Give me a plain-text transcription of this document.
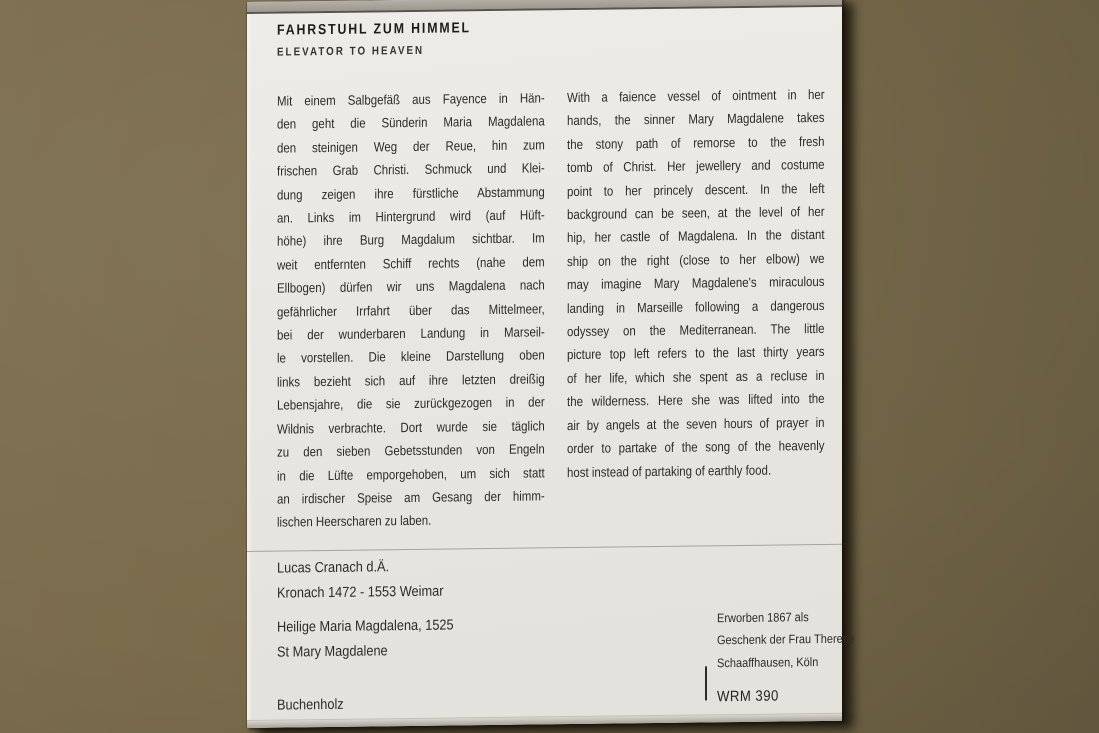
FAHRSTUHL ZUM HIMMEL
ELEVATOR TO HEAVEN
Mit einem Salbgefäß aus Fayence in Hän-
den geht die Sünderin Maria Magdalena
den steinigen Weg der Reue, hin zum
frischen Grab Christi. Schmuck und Klei-
dung zeigen ihre fürstliche Abstammung
an. Links im Hintergrund wird (auf Hüft-
höhe) ihre Burg Magdalum sichtbar. Im
weit entfernten Schiff rechts (nahe dem
Ellbogen) dürfen wir uns Magdalena nach
gefährlicher Irrfahrt über das Mittelmeer,
bei der wunderbaren Landung in Marseil-
le vorstellen. Die kleine Darstellung oben
links bezieht sich auf ihre letzten dreißig
Lebensjahre, die sie zurückgezogen in der
Wildnis verbrachte. Dort wurde sie täglich
zu den sieben Gebetsstunden von Engeln
in die Lüfte emporgehoben, um sich statt
an irdischer Speise am Gesang der himm-
lischen Heerscharen zu laben.
With a faience vessel of ointment in her
hands, the sinner Mary Magdalene takes
the stony path of remorse to the fresh
tomb of Christ. Her jewellery and costume
point to her princely descent. In the left
background can be seen, at the level of her
hip, her castle of Magdalena. In the distant
ship on the right (close to her elbow) we
may imagine Mary Magdalene's miraculous
landing in Marseille following a dangerous
odyssey on the Mediterranean. The little
picture top left refers to the last thirty years
of her life, which she spent as a recluse in
the wilderness. Here she was lifted into the
air by angels at the seven hours of prayer in
order to partake of the song of the heavenly
host instead of partaking of earthly food.
Lucas Cranach d.Ä.
Kronach 1472 - 1553 Weimar
Heilige Maria Magdalena, 1525
St Mary Magdalene
Buchenholz
Erworben 1867 als
Geschenk der Frau Therese
Schaaffhausen, Köln
WRM 390
